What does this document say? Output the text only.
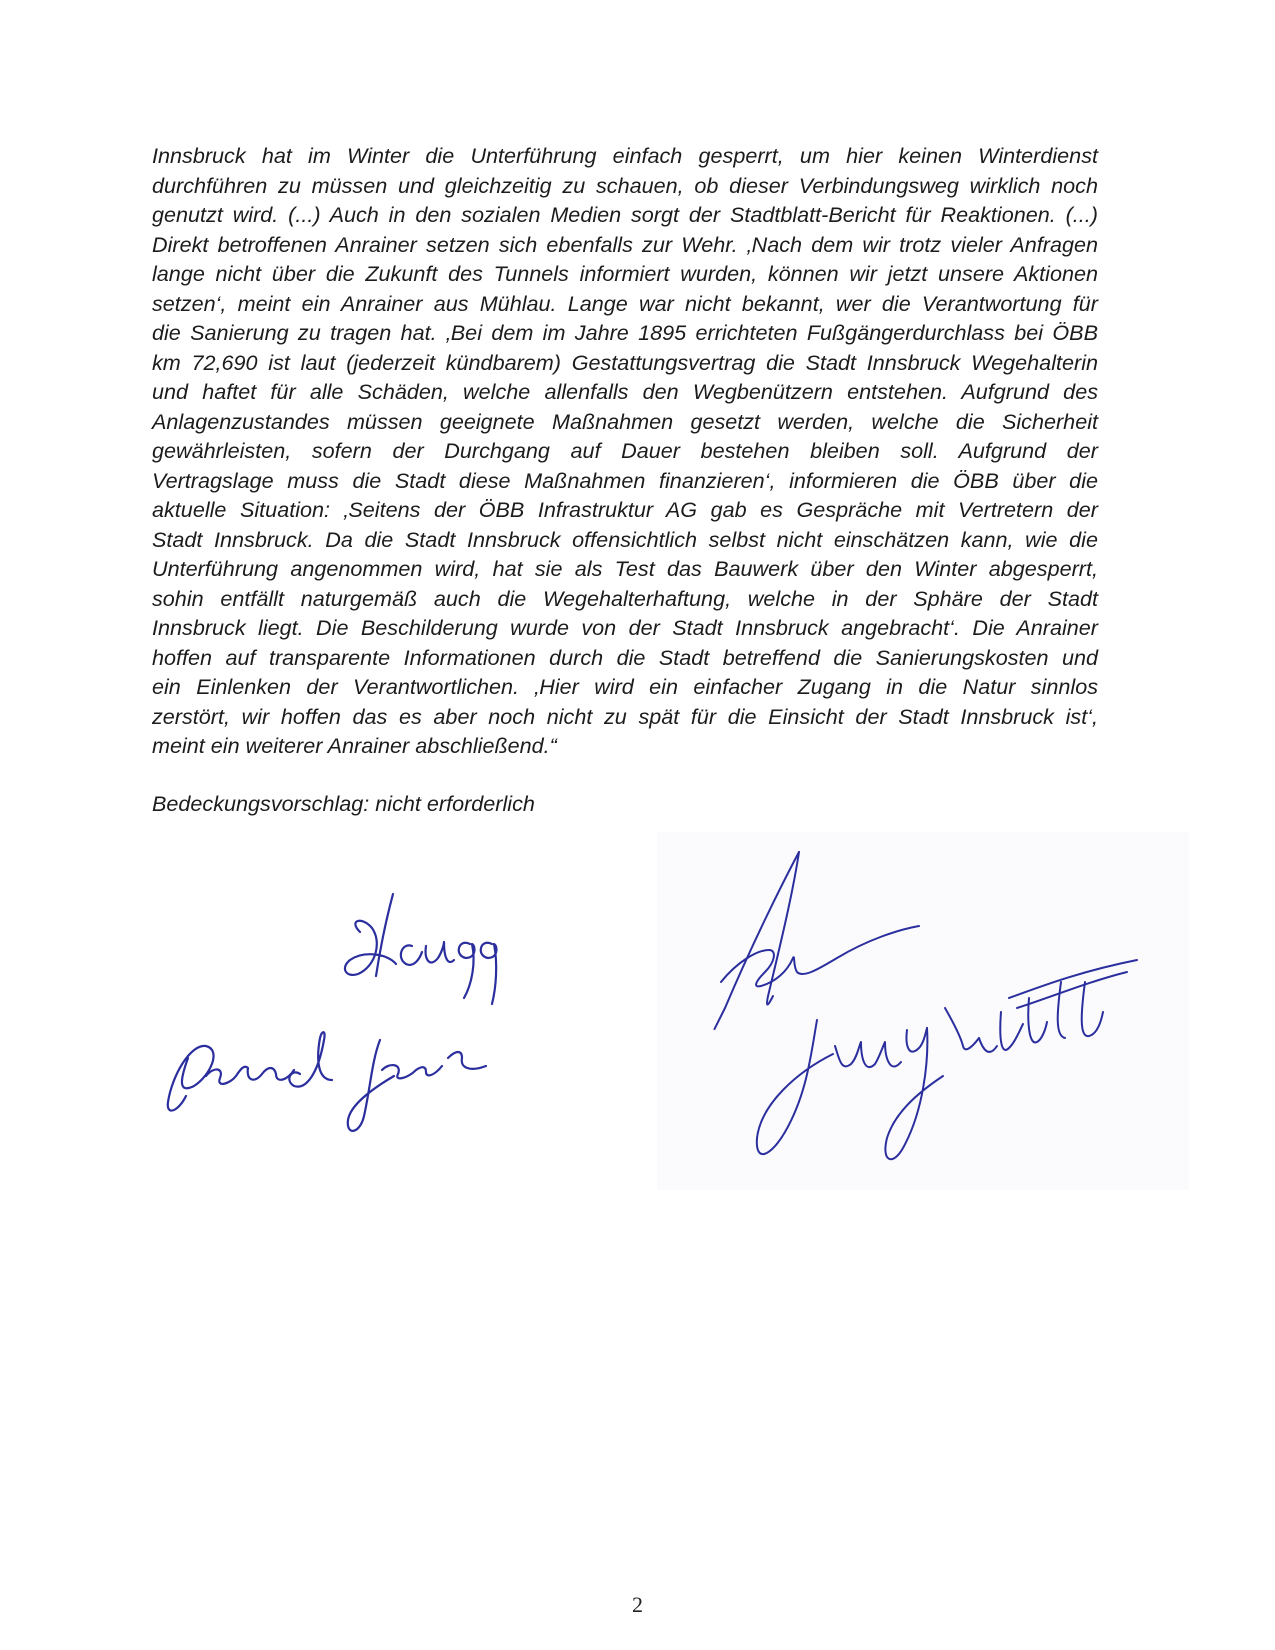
Innsbruck hat im Winter die Unterführung einfach gesperrt, um hier keinen Winterdienst
durchführen zu müssen und gleichzeitig zu schauen, ob dieser Verbindungsweg wirklich noch
genutzt wird. (...) Auch in den sozialen Medien sorgt der Stadtblatt-Bericht für Reaktionen. (...)
Direkt betroffenen Anrainer setzen sich ebenfalls zur Wehr. ‚Nach dem wir trotz vieler Anfragen
lange nicht über die Zukunft des Tunnels informiert wurden, können wir jetzt unsere Aktionen
setzen‘, meint ein Anrainer aus Mühlau. Lange war nicht bekannt, wer die Verantwortung für
die Sanierung zu tragen hat. ‚Bei dem im Jahre 1895 errichteten Fußgängerdurchlass bei ÖBB
km 72,690 ist laut (jederzeit kündbarem) Gestattungsvertrag die Stadt Innsbruck Wegehalterin
und haftet für alle Schäden, welche allenfalls den Wegbenützern entstehen. Aufgrund des
Anlagenzustandes müssen geeignete Maßnahmen gesetzt werden, welche die Sicherheit
gewährleisten, sofern der Durchgang auf Dauer bestehen bleiben soll. Aufgrund der
Vertragslage muss die Stadt diese Maßnahmen finanzieren‘, informieren die ÖBB über die
aktuelle Situation: ‚Seitens der ÖBB Infrastruktur AG gab es Gespräche mit Vertretern der
Stadt Innsbruck. Da die Stadt Innsbruck offensichtlich selbst nicht einschätzen kann, wie die
Unterführung angenommen wird, hat sie als Test das Bauwerk über den Winter abgesperrt,
sohin entfällt naturgemäß auch die Wegehalterhaftung, welche in der Sphäre der Stadt
Innsbruck liegt. Die Beschilderung wurde von der Stadt Innsbruck angebracht‘. Die Anrainer
hoffen auf transparente Informationen durch die Stadt betreffend die Sanierungskosten und
ein Einlenken der Verantwortlichen. ‚Hier wird ein einfacher Zugang in die Natur sinnlos
zerstört, wir hoffen das es aber noch nicht zu spät für die Einsicht der Stadt Innsbruck ist‘,
meint ein weiterer Anrainer abschließend.“

Bedeckungsvorschlag: nicht erforderlich

2
